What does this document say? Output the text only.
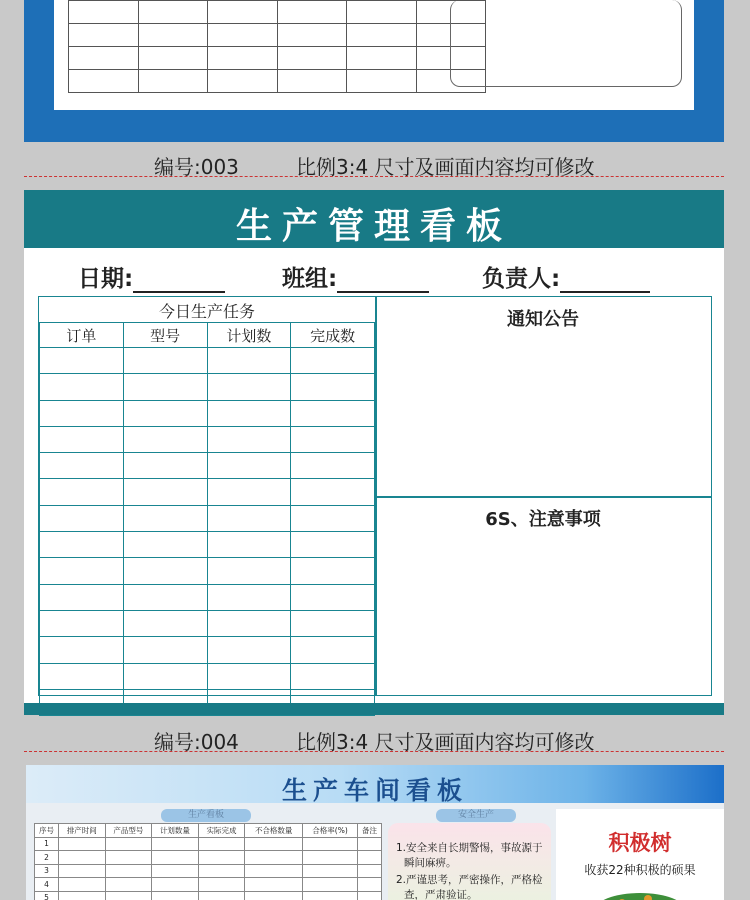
编号:003	比例3:4 尺寸及画面内容均可修改
生产管理看板
日期:	班组:	负责人:
今日生产任务
订单	型号	计划数	完成数

通知公告
6S、注意事项
编号:004	比例3:4 尺寸及画面内容均可修改
生产车间看板
生产看板	安全生产
序号	排产时间	产品型号	计划数量	实际完成	不合格数量	合格率(%)	备注
1							
2							
3							
4							
5							

1.安全来自长期警惕，事故源于

瞬间麻痹。

2.严谨思考，严密操作，严格检

查，严肃验证。

积极树
收获22种积极的硕果
